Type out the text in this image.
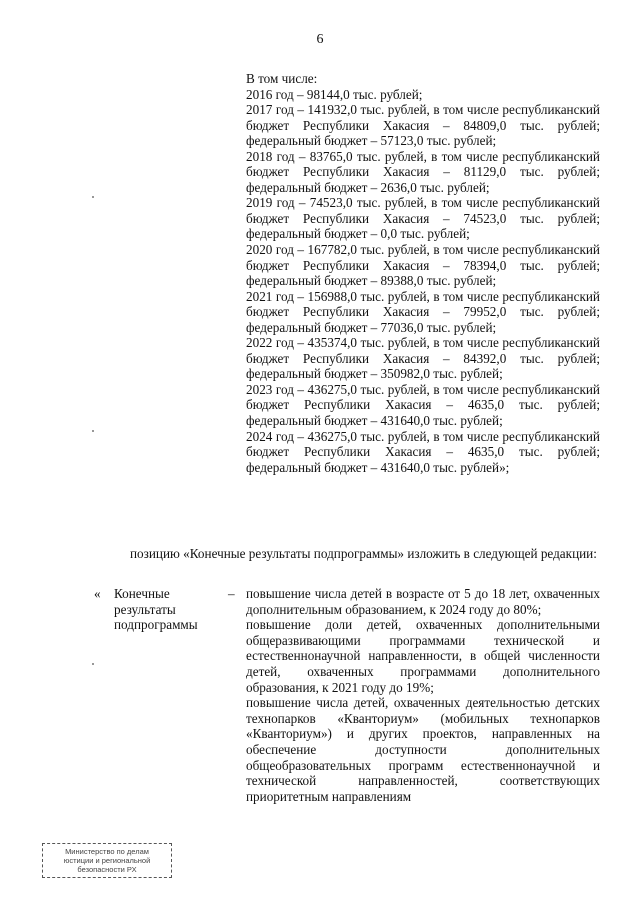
6
В том числе:
2016 год – 98144,0 тыс. рублей;
2017 год – 141932,0 тыс. рублей, в том числе республиканский бюджет Республики Хакасия – 84809,0 тыс. рублей; федеральный бюджет – 57123,0 тыс. рублей;
2018 год – 83765,0 тыс. рублей, в том числе республиканский бюджет Республики Хакасия – 81129,0 тыс. рублей; федеральный бюджет – 2636,0 тыс. рублей;
2019 год – 74523,0 тыс. рублей, в том числе республиканский бюджет Республики Хакасия – 74523,0 тыс. рублей; федеральный бюджет – 0,0 тыс. рублей;
2020 год – 167782,0 тыс. рублей, в том числе республиканский бюджет Республики Хакасия – 78394,0 тыс. рублей; федеральный бюджет – 89388,0 тыс. рублей;
2021 год – 156988,0 тыс. рублей, в том числе республиканский бюджет Республики Хакасия – 79952,0 тыс. рублей; федеральный бюджет – 77036,0 тыс. рублей;
2022 год – 435374,0 тыс. рублей, в том числе республиканский бюджет Республики Хакасия – 84392,0 тыс. рублей; федеральный бюджет – 350982,0 тыс. рублей;
2023 год – 436275,0 тыс. рублей, в том числе республиканский бюджет Республики Хакасия – 4635,0 тыс. рублей; федеральный бюджет – 431640,0 тыс. рублей;
2024 год – 436275,0 тыс. рублей, в том числе республиканский бюджет Республики Хакасия – 4635,0 тыс. рублей; федеральный бюджет – 431640,0 тыс. рублей»;
позицию «Конечные результаты подпрограммы» изложить в следующей редакции:
« Конечные
результаты
подпрограммы
– повышение числа детей в возрасте от 5 до 18 лет, охваченных дополнительным образованием, к 2024 году до 80%;
повышение доли детей, охваченных дополнительными общеразвивающими программами технической и естественнонаучной направленности, в общей численности детей, охваченных программами дополнительного образования, к 2021 году до 19%;
повышение числа детей, охваченных деятельностью детских технопарков «Кванториум» (мобильных технопарков «Кванториум») и других проектов, направленных на обеспечение доступности дополнительных общеобразовательных программ естественнонаучной и технической направленностей, соответствующих приоритетным направлениям
Министерство по делам
юстиции и региональной
безопасности РХ
